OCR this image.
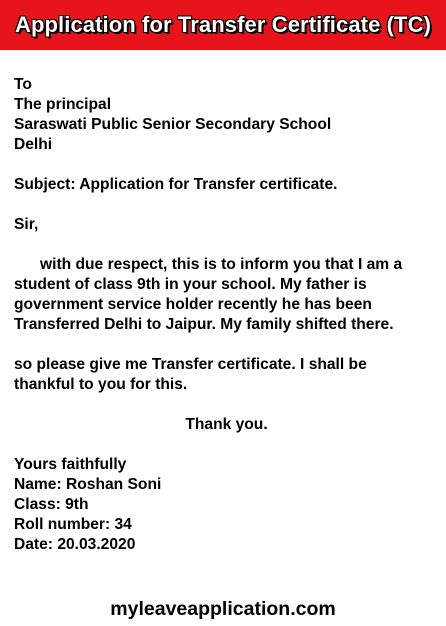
Application for Transfer Certificate (TC)
To
The principal
Saraswati Public Senior Secondary School
Delhi
Subject: Application for Transfer certificate.
Sir,
with due respect, this is to inform you that I am a
student of class 9th in your school. My father is
government service holder recently he has been
Transferred Delhi to Jaipur. My family shifted there.
so please give me Transfer certificate. I shall be
thankful to you for this.
Thank you.
Yours faithfully
Name: Roshan Soni
Class: 9th
Roll number: 34
Date: 20.03.2020
myleaveapplication.com
